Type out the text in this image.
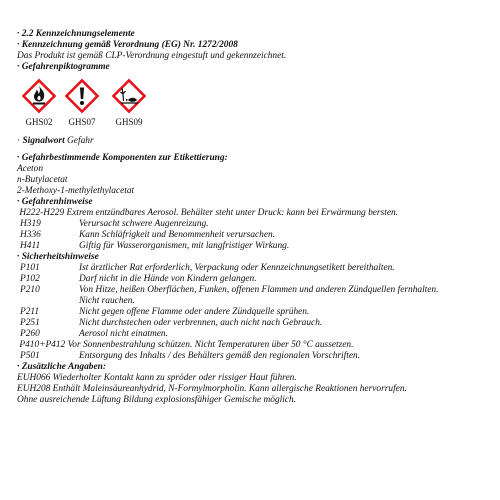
· 2.2 Kennzeichnungselemente
· Kennzeichnung gemäß Verordnung (EG) Nr. 1272/2008
Das Produkt ist gemäß CLP-Verordnung eingestuft und gekennzeichnet.
· Gefahrenpiktogramme
GHS02	GHS07	GHS09
· Signalwort Gefahr
· Gefahrbestimmende Komponenten zur Etikettierung:
Aceton
n-Butylacetat
2-Methoxy-1-methylethylacetat
· Gefahrenhinweise
H222-H229 Extrem entzündbares Aerosol. Behälter steht unter Druck: kann bei Erwärmung bersten.
H319	Verursacht schwere Augenreizung.
H336	Kann Schläfrigkeit und Benommenheit verursachen.
H411	Giftig für Wasserorganismen, mit langfristiger Wirkung.
· Sicherheitshinweise
P101	Ist ärztlicher Rat erforderlich, Verpackung oder Kennzeichnungsetikett bereithalten.
P102	Darf nicht in die Hände von Kindern gelangen.
P210	Von Hitze, heißen Oberflächen, Funken, offenen Flammen und anderen Zündquellen fernhalten.
Nicht rauchen.
P211	Nicht gegen offene Flamme oder andere Zündquelle sprühen.
P251	Nicht durchstechen oder verbrennen, auch nicht nach Gebrauch.
P260	Aerosol nicht einatmen.
P410+P412 Vor Sonnenbestrahlung schützen. Nicht Temperaturen über 50 °C aussetzen.
P501	Entsorgung des Inhalts / des Behälters gemäß den regionalen Vorschriften.
· Zusätzliche Angaben:
EUH066 Wiederholter Kontakt kann zu spröder oder rissiger Haut führen.
EUH208 Enthält Maleinsäureanhydrid, N-Formylmorpholin. Kann allergische Reaktionen hervorrufen.
Ohne ausreichende Lüftung Bildung explosionsfähiger Gemische möglich.
